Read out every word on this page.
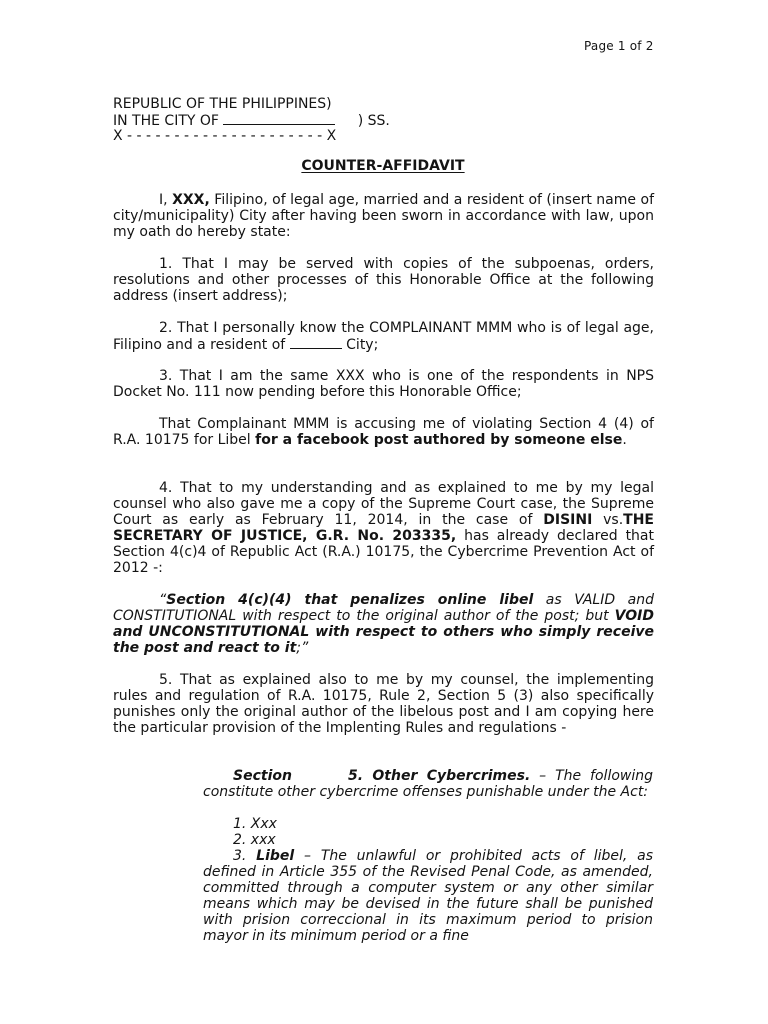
Page 1 of 2
REPUBLIC OF THE PHILIPPINES)
IN THE CITY OF	) SS.
X - - - - - - - - - - - - - - - - - - - - - X
COUNTER-AFFIDAVIT
I, XXX, Filipino, of legal age, married and a resident of (insert name of city/municipality) City after having been sworn in accordance with law, upon my oath do hereby state:
1. That I may be served with copies of the subpoenas, orders, resolutions and other processes of this Honorable Office at the following address (insert address);
2. That I personally know the COMPLAINANT MMM who is of legal age, Filipino and a resident of	City;
3. That I am the same XXX who is one of the respondents in NPS Docket No. 111 now pending before this Honorable Office;
That Complainant MMM is accusing me of violating Section 4 (4) of R.A. 10175 for Libel for a facebook post authored by someone else.
4. That to my understanding and as explained to me by my legal counsel who also gave me a copy of the Supreme Court case, the Supreme Court as early as February 11, 2014, in the case of DISINI vs.THE SECRETARY OF JUSTICE, G.R. No. 203335, has already declared that Section 4(c)4 of Republic Act (R.A.) 10175, the Cybercrime Prevention Act of 2012 -:
“Section 4(c)(4) that penalizes online libel as VALID and CONSTITUTIONAL with respect to the original author of the post; but VOID and UNCONSTITUTIONAL with respect to others who simply receive the post and react to it;”
5. That as explained also to me by my counsel, the implementing rules and regulation of R.A. 10175, Rule 2, Section 5 (3) also specifically punishes only the original author of the libelous post and I am copying here the particular provision of the Implenting Rules and regulations -
Section      5. Other Cybercrimes. – The following constitute other cybercrime offenses punishable under the Act:
1. Xxx
2. xxx
3. Libel – The unlawful or prohibited acts of libel, as defined in Article 355 of the Revised Penal Code, as amended, committed through a computer system or any other similar means which may be devised in the future shall be punished with prision correccional in its maximum period to prision mayor in its minimum period or a fine
